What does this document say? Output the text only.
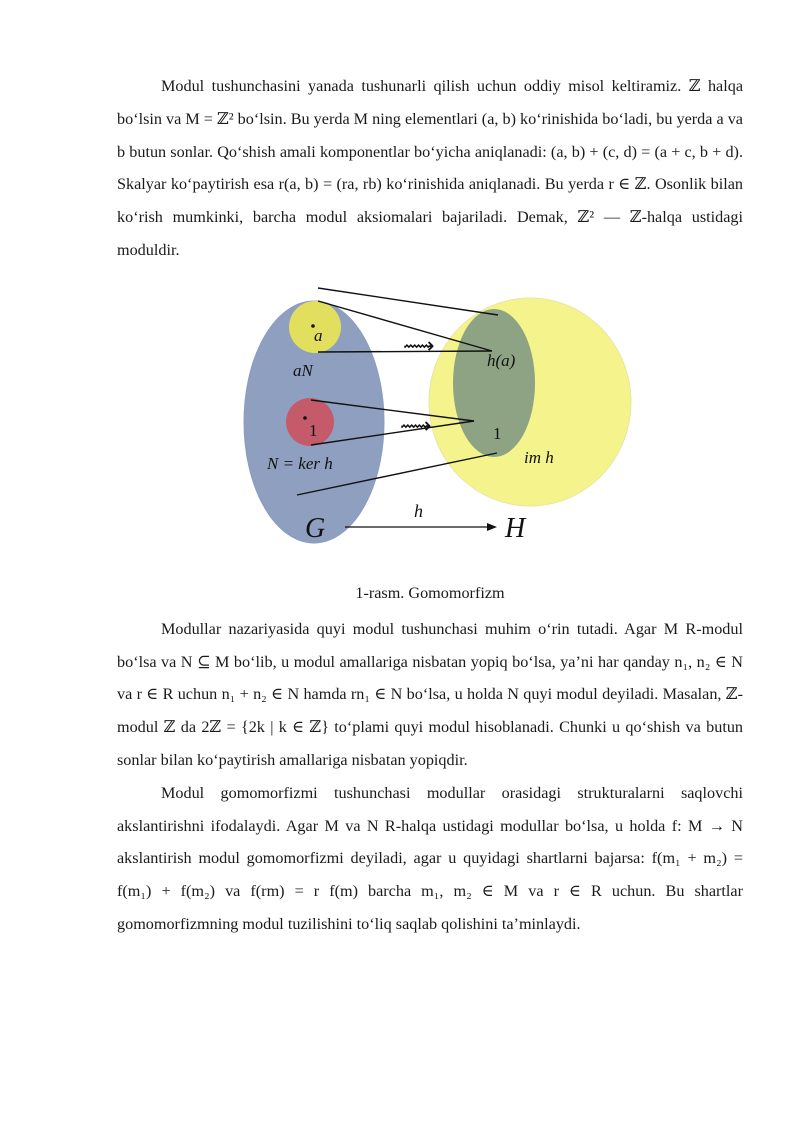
Modul tushunchasini yanada tushunarli qilish uchun oddiy misol keltiramiz. ℤ halqa bo‘lsin va M = ℤ² bo‘lsin. Bu yerda M ning elementlari (a, b) ko‘rinishida bo‘ladi, bu yerda a va b butun sonlar. Qo‘shish amali komponentlar bo‘yicha aniqlanadi: (a, b) + (c, d) = (a + c, b + d). Skalyar ko‘paytirish esa r(a, b) = (ra, rb) ko‘rinishida aniqlanadi. Bu yerda r ∈ ℤ. Osonlik bilan ko‘rish mumkinki, barcha modul aksiomalari bajariladi. Demak, ℤ² — ℤ-halqa ustidagi moduldir.

⟿
⟿
a
aN
1
N = ker h
h(a)
1
im h
G
h
H
1-rasm. Gomomorfizm

Modullar nazariyasida quyi modul tushunchasi muhim o‘rin tutadi. Agar M R-modul bo‘lsa va N ⊆ M bo‘lib, u modul amallariga nisbatan yopiq bo‘lsa, ya’ni har qanday n₁, n₂ ∈ N va r ∈ R uchun n₁ + n₂ ∈ N hamda rn₁ ∈ N bo‘lsa, u holda N quyi modul deyiladi. Masalan, ℤ-modul ℤ da 2ℤ = {2k | k ∈ ℤ} to‘plami quyi modul hisoblanadi. Chunki u qo‘shish va butun sonlar bilan ko‘paytirish amallariga nisbatan yopiqdir.

Modul gomomorfizmi tushunchasi modullar orasidagi strukturalarni saqlovchi akslantirishni ifodalaydi. Agar M va N R-halqa ustidagi modullar bo‘lsa, u holda f: M → N akslantirish modul gomomorfizmi deyiladi, agar u quyidagi shartlarni bajarsa: f(m₁ + m₂) = f(m₁) + f(m₂) va f(rm) = r f(m) barcha m₁, m₂ ∈ M va r ∈ R uchun. Bu shartlar gomomorfizmning modul tuzilishini to‘liq saqlab qolishini ta’minlaydi.
